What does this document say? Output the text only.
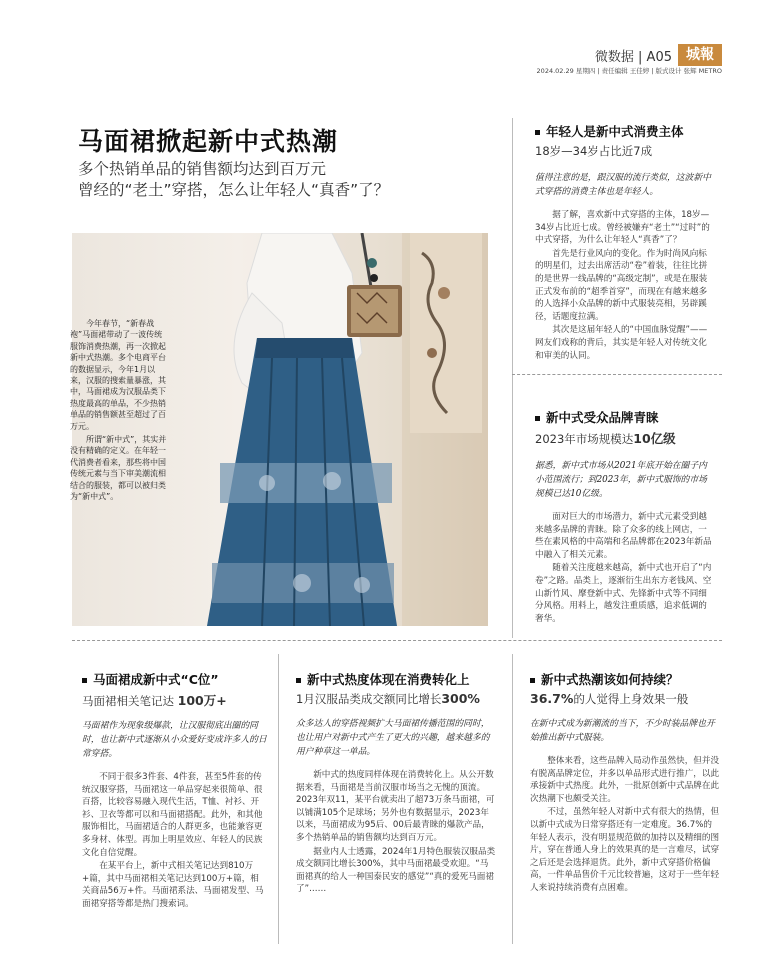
微数据 | A05	城報
2024.02.29 星期四 | 责任编辑 王佳婷 | 版式设计 张辉 METRO
马面裙掀起新中式热潮
多个热销单品的销售额均达到百万元
曾经的“老土”穿搭，怎么让年轻人“真香”了？

今年春节，“新春战袍”马面裙带动了一波传统服饰消费热潮，再一次掀起新中式热潮。多个电商平台的数据显示，今年1月以来，汉服的搜索量暴涨，其中，马面裙成为汉服品类下热度最高的单品，不少热销单品的销售额甚至超过了百万元。

所谓“新中式”，其实并没有精确的定义。在年轻一代消费者看来，那些将中国传统元素与当下审美潮流相结合的服装，都可以被归类为“新中式”。

年轻人是新中式消费主体
18岁—34岁占比近7成
值得注意的是，跟汉服的流行类似，这波新中式穿搭的消费主体也是年轻人。

据了解，喜欢新中式穿搭的主体，18岁—34岁占比近七成。曾经被嫌弃“老土”“过时”的中式穿搭，为什么让年轻人“真香”了？

首先是行业风向的变化。作为时尚风向标的明星们，过去出席活动“卷”着装，往往比拼的是世界一线品牌的“高级定制”，或是在服装正式发布前的“超季首穿”，而现在有越来越多的人选择小众品牌的新中式服装亮相，另辟蹊径，话题度拉满。

其次是这届年轻人的“中国血脉觉醒”——网友们戏称的背后，其实是年轻人对传统文化和审美的认同。

新中式受众品牌青睐
2023年市场规模达10亿级
据悉，新中式市场从2021年底开始在圈子内小范围流行；到2023年，新中式服饰的市场规模已达10亿级。

面对巨大的市场潜力，新中式元素受到越来越多品牌的青睐。除了众多的线上网店，一些在素风格的中高端和名品牌都在2023年新品中融入了相关元素。

随着关注度越来越高，新中式也开启了“内卷”之路。品类上，逐渐衍生出东方老钱风、空山新竹风、摩登新中式、先锋新中式等不同细分风格。用料上，越发注重质感，追求低调的奢华。

马面裙成新中式“C位”
马面裙相关笔记达 100万+
马面裙作为现象级爆款，让汉服彻底出圈的同时，也让新中式逐渐从小众爱好变成许多人的日常穿搭。

不同于很多3件套、4件套，甚至5件套的传统汉服穿搭，马面裙这一单品穿起来很简单、很百搭，比较容易融入现代生活，T恤、衬衫、开衫、卫衣等都可以和马面裙搭配。此外，和其他服饰相比，马面裙适合的人群更多，也能兼容更多身材、体型。再加上明星效应、年轻人的民族文化自信觉醒。

在某平台上，新中式相关笔记达到810万+篇，其中马面裙相关笔记达到100万+篇，相关商品56万+件。马面裙系法、马面裙发型、马面裙穿搭等都是热门搜索词。

新中式热度体现在消费转化上
1月汉服品类成交额同比增长300%
众多达人的穿搭视频扩大马面裙传播范围的同时，也让用户对新中式产生了更大的兴趣，越来越多的用户种草这一单品。

新中式的热度同样体现在消费转化上。从公开数据来看，马面裙是当前汉服市场当之无愧的顶流。2023年双11，某平台就卖出了超73万条马面裙，可以铺满105个足球场；另外也有数据显示，2023年以来，马面裙成为95后、00后最青睐的爆款产品，多个热销单品的销售额均达到百万元。

据业内人士透露，2024年1月特色服装汉服品类成交额同比增长300%，其中马面裙最受欢迎。“马面裙真的给人一种国泰民安的感觉”“真的爱死马面裙了”……

新中式热潮该如何持续？
36.7%的人觉得上身效果一般
在新中式成为新潮流的当下，不少时装品牌也开始推出新中式服装。

整体来看，这些品牌入局动作虽然快，但并没有脱离品牌定位，并多以单品形式进行推广，以此承接新中式热度。此外，一批原创新中式品牌在此次热潮下也颇受关注。

不过，虽然年轻人对新中式有很大的热情，但以新中式成为日常穿搭还有一定难度。36.7%的年轻人表示，没有明显规范做的加持以及精细的图片，穿在普通人身上的效果真的是一言难尽，试穿之后还是会选择退货。此外，新中式穿搭价格偏高，一件单品售价千元比较普遍，这对于一些年轻人来说持续消费有点困难。
